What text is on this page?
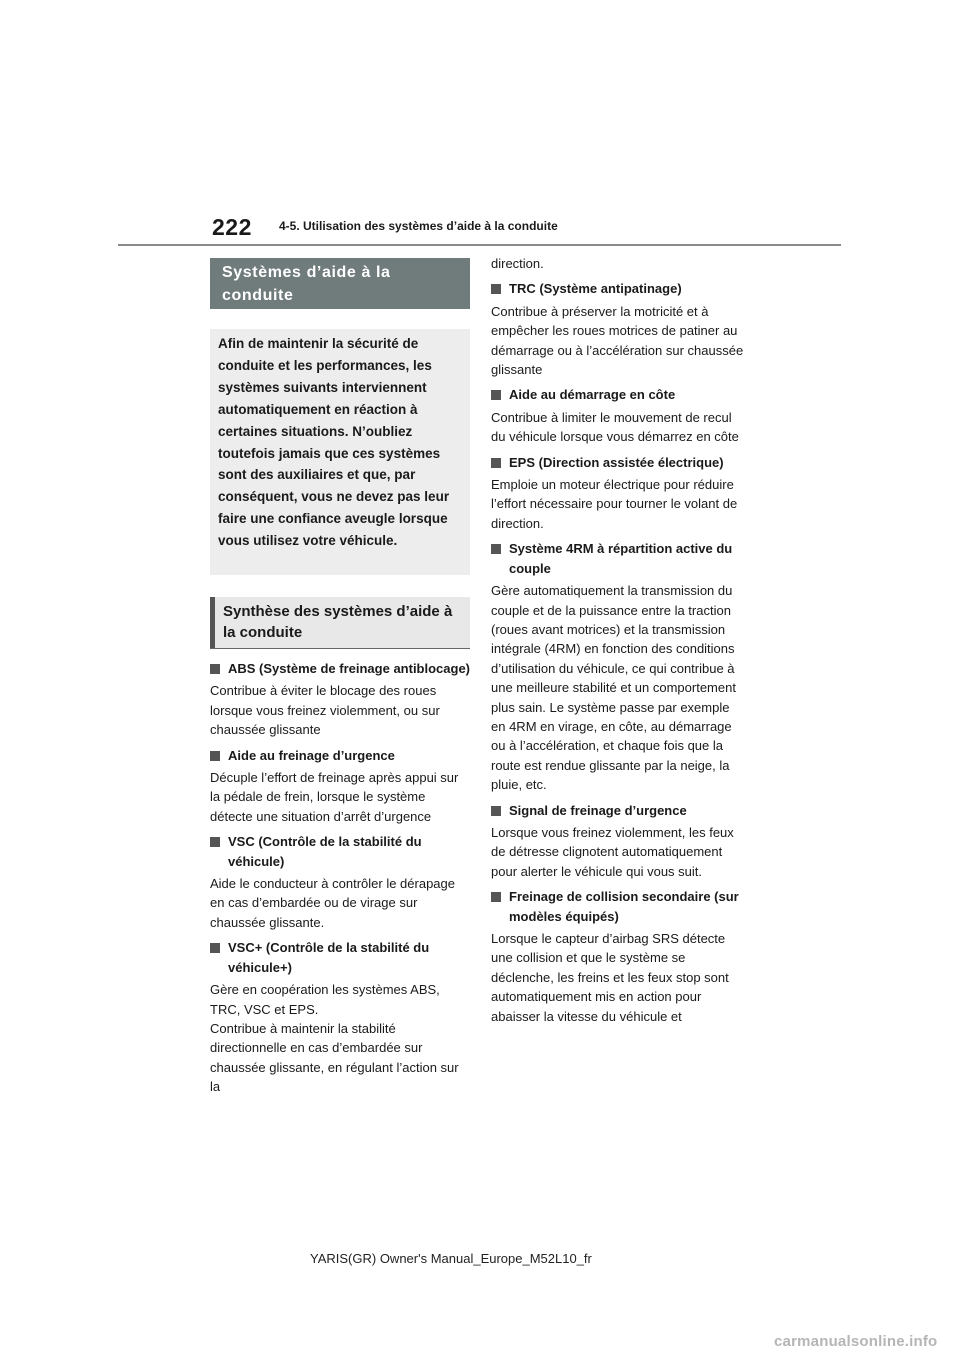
222 4-5. Utilisation des systèmes d’aide à la conduite
Systèmes d’aide à la conduite
Afin de maintenir la sécurité de conduite et les performances, les systèmes suivants interviennent automatiquement en réaction à certaines situations. N’oubliez toutefois jamais que ces systèmes sont des auxiliaires et que, par conséquent, vous ne devez pas leur faire une confiance aveugle lorsque vous utilisez votre véhicule.
Synthèse des systèmes d’aide à la conduite
ABS (Système de freinage antiblocage)
Contribue à éviter le blocage des roues lorsque vous freinez violemment, ou sur chaussée glissante
Aide au freinage d’urgence
Décuple l’effort de freinage après appui sur la pédale de frein, lorsque le système détecte une situation d’arrêt d’urgence
VSC (Contrôle de la stabilité du véhicule)
Aide le conducteur à contrôler le dérapage en cas d’embardée ou de virage sur chaussée glissante.
VSC+ (Contrôle de la stabilité du véhicule+)
Gère en coopération les systèmes ABS, TRC, VSC et EPS.
Contribue à maintenir la stabilité directionnelle en cas d’embardée sur chaussée glissante, en régulant l’action sur la
direction.
TRC (Système antipatinage)
Contribue à préserver la motricité et à empêcher les roues motrices de patiner au démarrage ou à l’accélération sur chaussée glissante
Aide au démarrage en côte
Contribue à limiter le mouvement de recul du véhicule lorsque vous démarrez en côte
EPS (Direction assistée électrique)
Emploie un moteur électrique pour réduire l’effort nécessaire pour tourner le volant de direction.
Système 4RM à répartition active du couple
Gère automatiquement la transmission du couple et de la puissance entre la traction (roues avant motrices) et la transmission intégrale (4RM) en fonction des conditions d’utilisation du véhicule, ce qui contribue à une meilleure stabilité et un comportement plus sain. Le système passe par exemple en 4RM en virage, en côte, au démarrage ou à l’accélération, et chaque fois que la route est rendue glissante par la neige, la pluie, etc.
Signal de freinage d’urgence
Lorsque vous freinez violemment, les feux de détresse clignotent automatiquement pour alerter le véhicule qui vous suit.
Freinage de collision secondaire (sur modèles équipés)
Lorsque le capteur d’airbag SRS détecte une collision et que le système se déclenche, les freins et les feux stop sont automatiquement mis en action pour abaisser la vitesse du véhicule et
YARIS(GR) Owner's Manual_Europe_M52L10_fr
carmanualsonline.info
